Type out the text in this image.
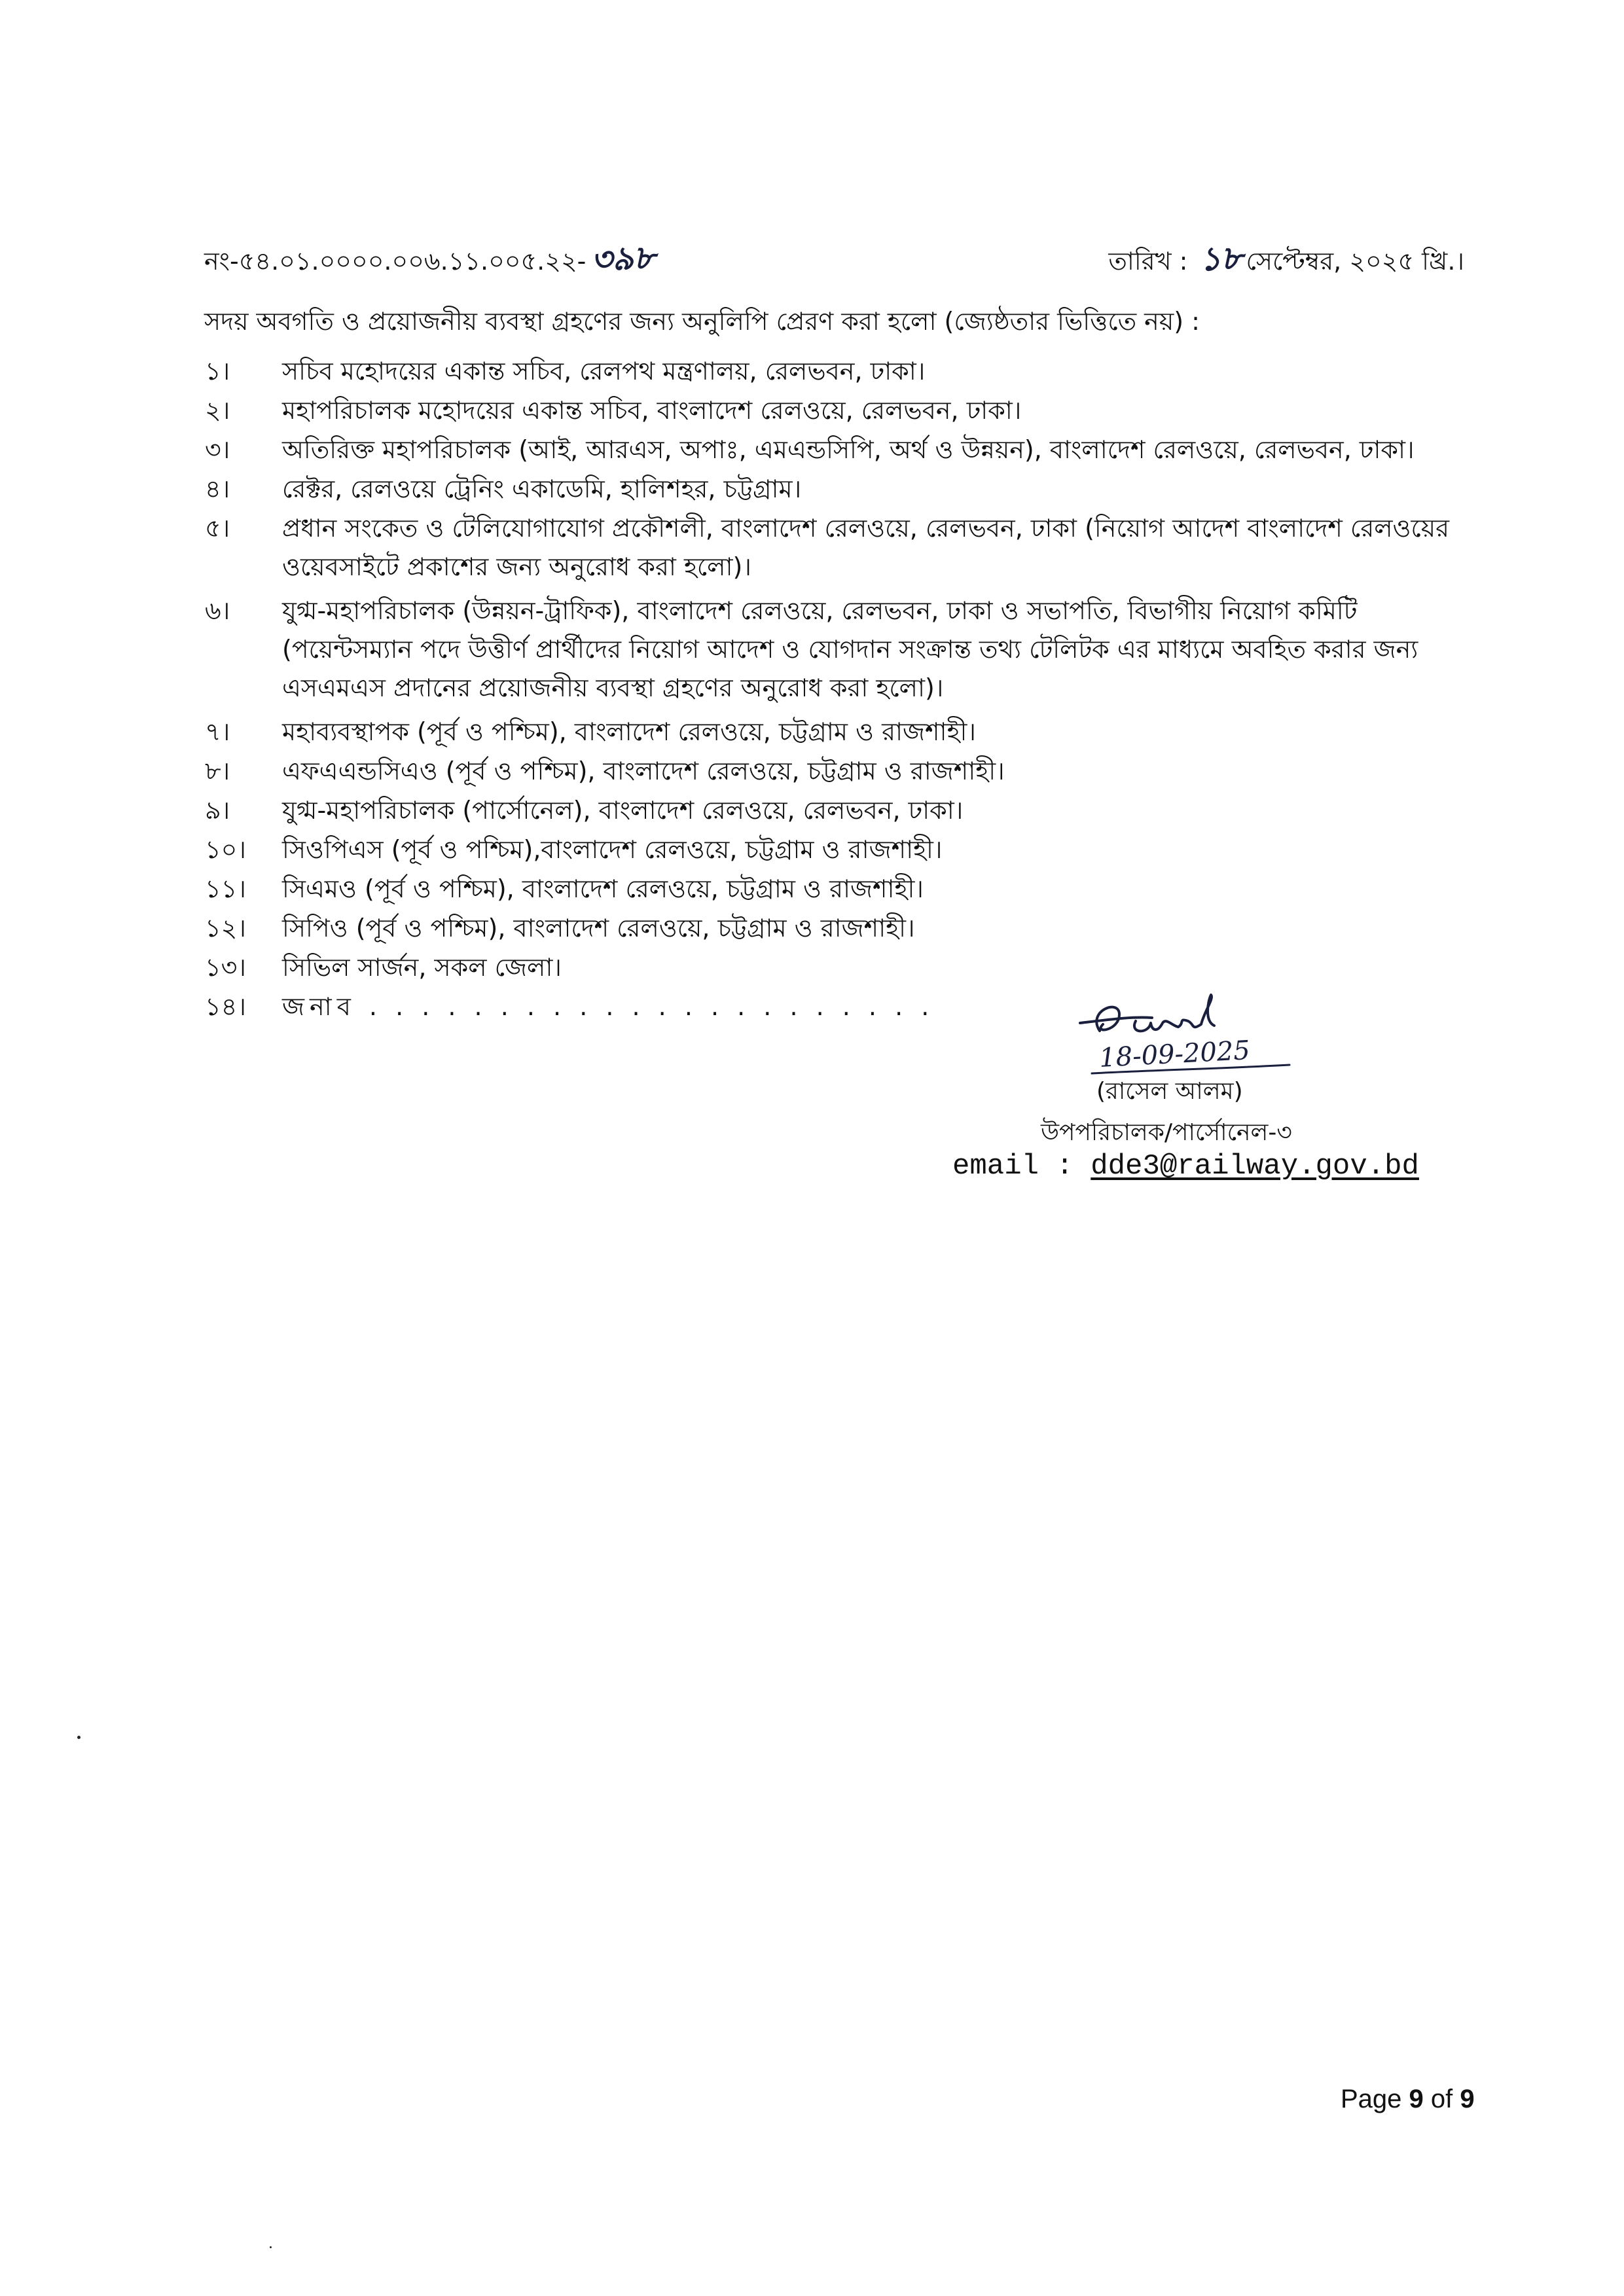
নং-৫৪.০১.০০০০.০০৬.১১.০০৫.২২- ৩৯৮	তারিখ : ১৮ সেপ্টেম্বর, ২০২৫ খ্রি.।
সদয় অবগতি ও প্রয়োজনীয় ব্যবস্থা গ্রহণের জন্য অনুলিপি প্রেরণ করা হলো (জ্যেষ্ঠতার ভিত্তিতে নয়) :
১।	সচিব মহোদয়ের একান্ত সচিব, রেলপথ মন্ত্রণালয়, রেলভবন, ঢাকা।
২।	মহাপরিচালক মহোদয়ের একান্ত সচিব, বাংলাদেশ রেলওয়ে, রেলভবন, ঢাকা।
৩।	অতিরিক্ত মহাপরিচালক (আই, আরএস, অপাঃ, এমএন্ডসিপি, অর্থ ও উন্নয়ন), বাংলাদেশ রেলওয়ে, রেলভবন, ঢাকা।
৪।	রেক্টর, রেলওয়ে ট্রেনিং একাডেমি, হালিশহর, চট্টগ্রাম।
৫।	প্রধান সংকেত ও টেলিযোগাযোগ প্রকৌশলী, বাংলাদেশ রেলওয়ে, রেলভবন, ঢাকা (নিয়োগ আদেশ বাংলাদেশ রেলওয়ের ওয়েবসাইটে প্রকাশের জন্য অনুরোধ করা হলো)।
৬।	যুগ্ম-মহাপরিচালক (উন্নয়ন-ট্রাফিক), বাংলাদেশ রেলওয়ে, রেলভবন, ঢাকা ও সভাপতি, বিভাগীয় নিয়োগ কমিটি (পয়েন্টসম্যান পদে উত্তীর্ণ প্রার্থীদের নিয়োগ আদেশ ও যোগদান সংক্রান্ত তথ্য টেলিটক এর মাধ্যমে অবহিত করার জন্য এসএমএস প্রদানের প্রয়োজনীয় ব্যবস্থা গ্রহণের অনুরোধ করা হলো)।
৭।	মহাব্যবস্থাপক (পূর্ব ও পশ্চিম), বাংলাদেশ রেলওয়ে, চট্টগ্রাম ও রাজশাহী।
৮।	এফএএন্ডসিএও (পূর্ব ও পশ্চিম), বাংলাদেশ রেলওয়ে, চট্টগ্রাম ও রাজশাহী।
৯।	যুগ্ম-মহাপরিচালক (পার্সোনেল), বাংলাদেশ রেলওয়ে, রেলভবন, ঢাকা।
১০।	সিওপিএস (পূর্ব ও পশ্চিম),বাংলাদেশ রেলওয়ে, চট্টগ্রাম ও রাজশাহী।
১১।	সিএমও (পূর্ব ও পশ্চিম), বাংলাদেশ রেলওয়ে, চট্টগ্রাম ও রাজশাহী।
১২।	সিপিও (পূর্ব ও পশ্চিম), বাংলাদেশ রেলওয়ে, চট্টগ্রাম ও রাজশাহী।
১৩।	সিভিল সার্জন, সকল জেলা।
১৪।	জনাব . . . . . . . . . . . . . . . . . . . . . .
18-09-2025
(রাসেল আলম)
উপপরিচালক/পার্সোনেল-৩
email : dde3@railway.gov.bd
Page 9 of 9
